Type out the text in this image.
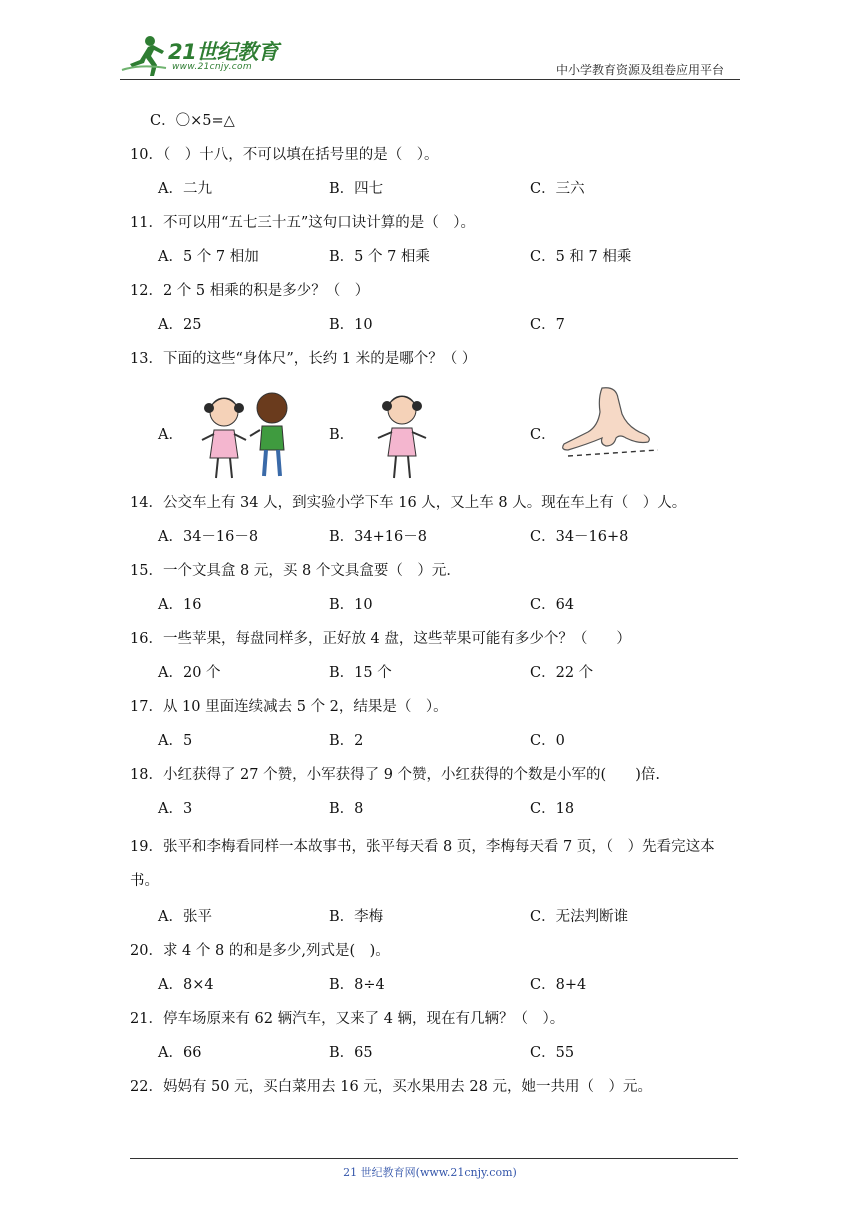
21世纪教育
www.21cnjy.com	中小学教育资源及组卷应用平台
C．〇×5=△
10．（　）十八，不可以填在括号里的是（　）。
A．二九	B．四七	C．三六
11．不可以用“五七三十五”这句口诀计算的是（　）。
A．5 个 7 相加	B．5 个 7 相乘	C．5 和 7 相乘
12．2 个 5 相乘的积是多少？（　）
A．25	B．10	C．7
13．下面的这些“身体尺”，长约 1 米的是哪个？（ ）
A．	B．	C．
14．公交车上有 34 人，到实验小学下车 16 人，又上车 8 人。现在车上有（　）人。
A．34－16－8	B．34+16－8	C．34－16+8
15．一个文具盒 8 元，买 8 个文具盒要（　）元．
A．16	B．10	C．64
16．一些苹果，每盘同样多，正好放 4 盘，这些苹果可能有多少个？（　　）
A．20 个	B．15 个	C．22 个
17．从 10 里面连续减去 5 个 2，结果是（　）。
A．5	B．2	C．0
18．小红获得了 27 个赞，小军获得了 9 个赞，小红获得的个数是小军的(　　)倍.
A．3	B．8	C．18
19．张平和李梅看同样一本故事书，张平每天看 8 页，李梅每天看 7 页，（　）先看完这本书。
A．张平	B．李梅	C．无法判断谁
20．求 4 个 8 的和是多少,列式是(　)。
A．8×4	B．8÷4	C．8+4
21．停车场原来有 62 辆汽车，又来了 4 辆，现在有几辆？（　）。
A．66	B．65	C．55
22．妈妈有 50 元，买白菜用去 16 元，买水果用去 28 元，她一共用（　）元。
21 世纪教育网(www.21cnjy.com)
